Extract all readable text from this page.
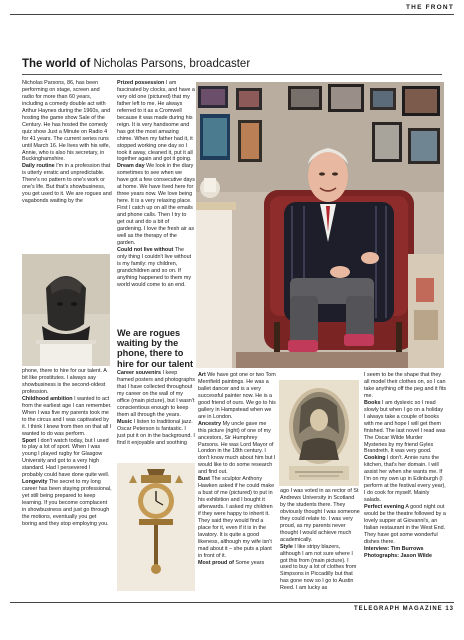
THE FRONT
The world of Nicholas Parsons, broadcaster

Nicholas Parsons, 86, has been performing on stage, screen and radio for more than 60 years, including a comedy double act with Arthur Haynes during the 1960s, and hosting the game show Sale of the Century. He has hosted the comedy quiz show Just a Minute on Radio 4 for 41 years. The current series runs until March 16. He lives with his wife, Annie, who is also his secretary, in Buckinghamshire.

Daily routine I'm in a profession that is utterly erratic and unpredictable. There's no pattern to one's work or one's life. But that's showbusiness, you get used to it. We are rogues and vagabonds waiting by the

phone, there to hire for our talent. A bit like prostitutes. I always say showbusiness is the second-oldest profession.

Childhood ambition I wanted to act from the earliest age I can remember. When I was five my parents took me to the circus and I was captivated by it. I think I knew from then on that all I wanted to do was perform.

Sport I don't watch today, but I used to play a lot of sport. When I was young I played rugby for Glasgow University and got to a very high standard. Had I persevered I probably could have done quite well.

Longevity The secret to my long career has been staying professional, yet still being prepared to keep learning. If you become complacent in showbusiness and just go through the motions, eventually you get boring and they stop employing you.

Prized possession I am fascinated by clocks, and have a very old one (pictured) that my father left to me. He always referred to it as a Cromwell because it was made during his reign. It is very handsome and has got the most amazing chime. When my father had it, it stopped working one day so I took it away, cleaned it, put it all together again and got it going.

Dream day We look in the diary sometimes to see when we have got a few consecutive days at home. We have lived here for three years now. We love being here. It is a very relaxing place. First I catch up on all the emails and phone calls. Then I try to get out and do a bit of gardening. I love the fresh air as well as the therapy of the garden.

Could not live without The only thing I couldn't live without is my family: my children, grandchildren and so on. If anything happened to them my world would come to an end.

We are rogues waiting by the phone, there to hire for our talent

Career souvenirs I keep framed posters and photographs that I have collected throughout my career on the wall of my office (main picture), but I wasn't conscientious enough to keep them all through the years.

Music I listen to traditional jazz. Oscar Peterson is fantastic. I just put it on in the background. I find it enjoyable and soothing

Art We have got one or two Tom Merrifield paintings. He was a ballet dancer and is a very successful painter now. He is a good friend of ours. We go to his gallery in Hampstead when we are in London.

Ancestry My uncle gave me this picture (right) of one of my ancestors, Sir Humphrey Parsons. He was Lord Mayor of London in the 18th century. I don't know much about him but I would like to do some research and find out.

Bust The sculptor Anthony Hawken asked if he could make a bust of me (pictured) to put in his exhibition and I bought it afterwards. I asked my children if they were happy to inherit it. They said they would find a place for it, even if it is in the lavatory. It is quite a good likeness, although my wife isn't mad about it – she puts a plant in front of it.

Most proud of Some years

ago I was voted in as rector of St Andrews University in Scotland by the students there. They obviously thought I was someone they could relate to. I was very proud, as my parents never thought I would achieve much academically.

Style I like stripy blazers, although I am not sure where I got this from (main picture). I used to buy a lot of clothes from Simpsons in Piccadilly but that has gone now so I go to Austin Reed. I am lucky as

I seem to be the shape that they all model their clothes on, so I can take anything off the peg and it fits me.

Books I am dyslexic so I read slowly but when I go on a holiday I always take a couple of books with me and hope I will get them finished. The last novel I read was The Oscar Wilde Murder Mysteries by my friend Gyles Brandreth. It was very good.

Cooking I don't. Annie runs the kitchen, that's her domain. I will assist her when she wants me. If I'm on my own up in Edinburgh (I perform at the festival every year), I do cook for myself. Mainly salads.

Perfect evening A good night out would be the theatre followed by a lovely supper at Giovanni's, an Italian restaurant in the West End. They have got some wonderful dishes there.

Interview: Tim Burrows Photographs: Jason Wilde

TELEGRAPH MAGAZINE 13
